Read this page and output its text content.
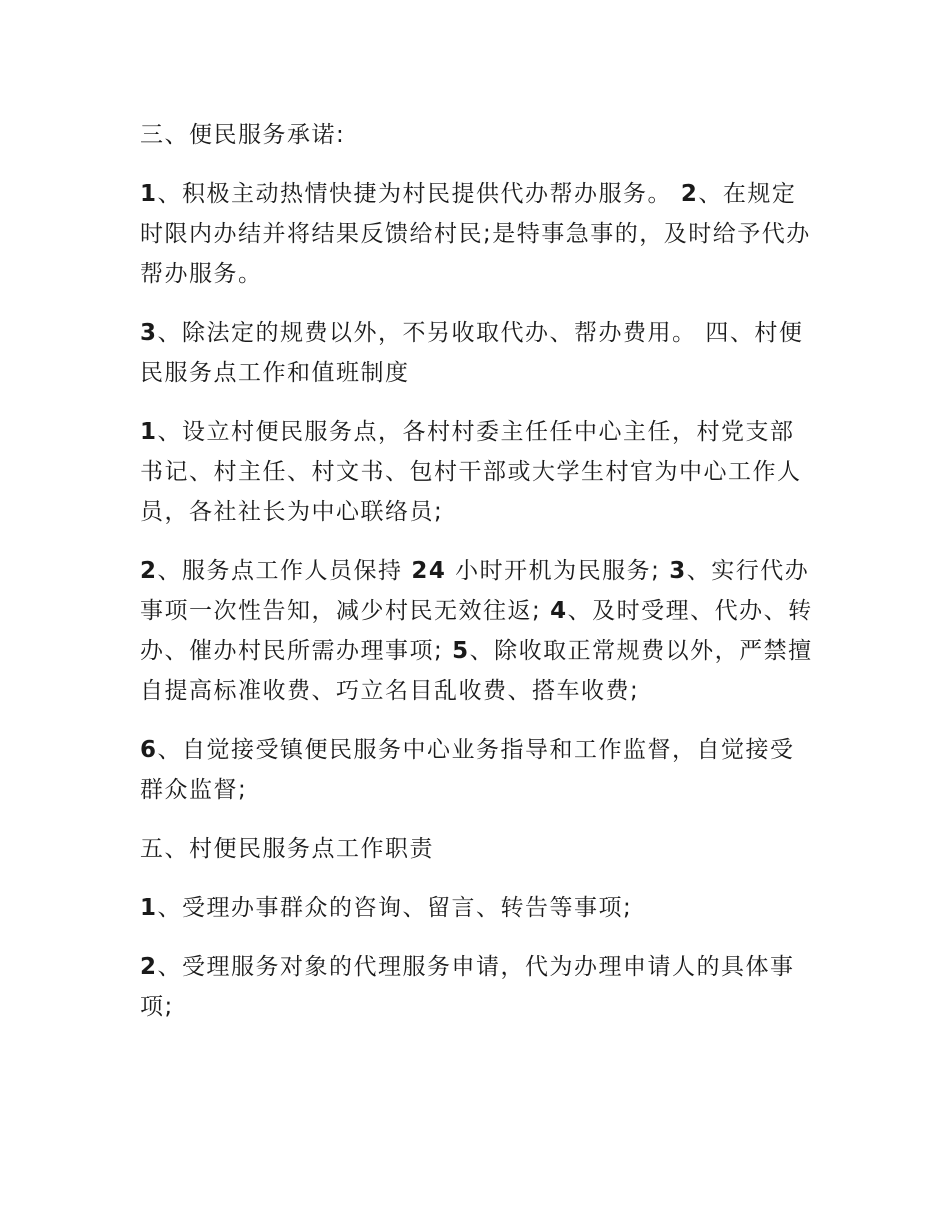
三、便民服务承诺:

1、积极主动热情快捷为村民提供代办帮办服务。 2、在规定时限内办结并将结果反馈给村民;是特事急事的，及时给予代办帮办服务。

3、除法定的规费以外，不另收取代办、帮办费用。 四、村便民服务点工作和值班制度

1、设立村便民服务点，各村村委主任任中心主任，村党支部书记、村主任、村文书、包村干部或大学生村官为中心工作人员，各社社长为中心联络员;

2、服务点工作人员保持 24 小时开机为民服务; 3、实行代办事项一次性告知，减少村民无效往返; 4、及时受理、代办、转办、催办村民所需办理事项; 5、除收取正常规费以外，严禁擅自提高标准收费、巧立名目乱收费、搭车收费;

6、自觉接受镇便民服务中心业务指导和工作监督，自觉接受群众监督;

五、村便民服务点工作职责

1、受理办事群众的咨询、留言、转告等事项;

2、受理服务对象的代理服务申请，代为办理申请人的具体事项;
